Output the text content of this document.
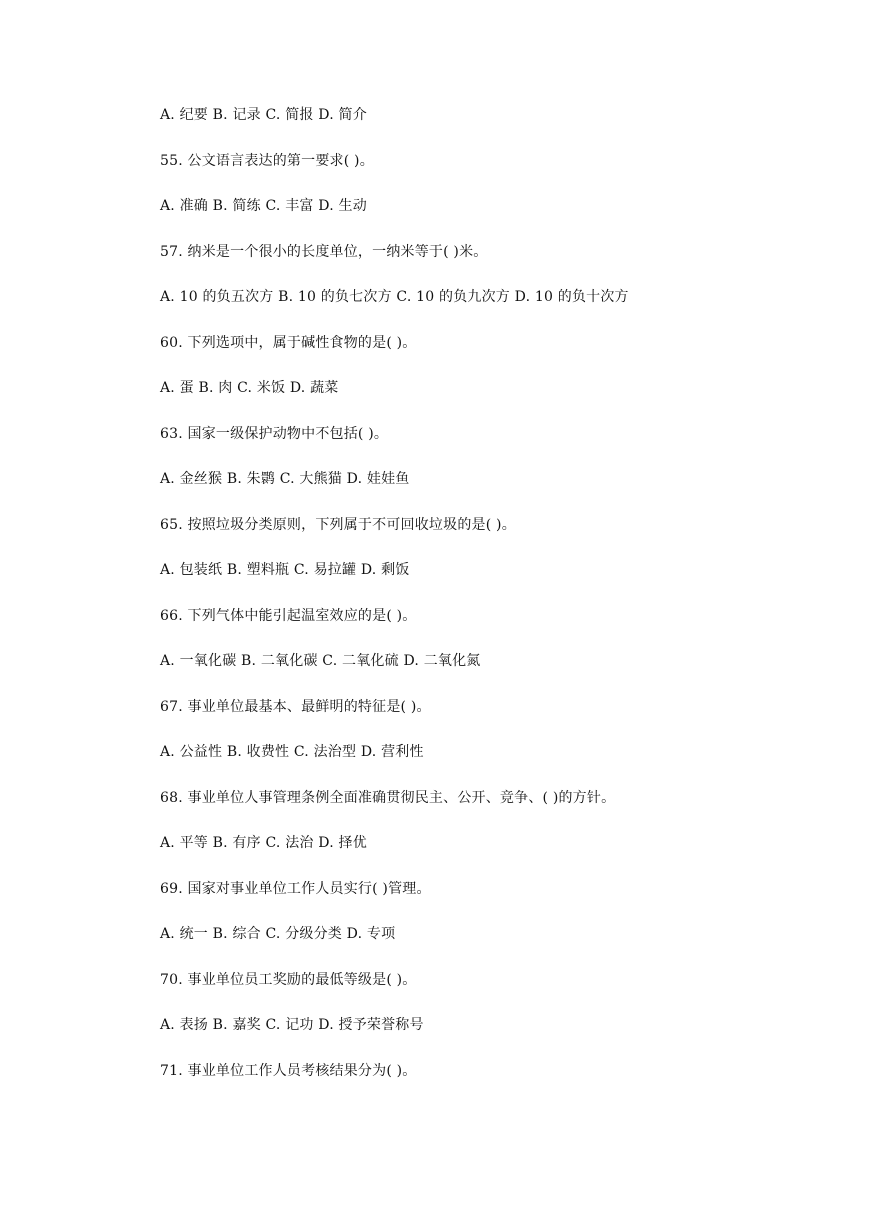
A. 纪要 B. 记录 C. 简报 D. 简介
55. 公文语言表达的第一要求( )。
A. 准确 B. 简练 C. 丰富 D. 生动
57. 纳米是一个很小的长度单位，一纳米等于( )米。
A. 10 的负五次方 B. 10 的负七次方 C. 10 的负九次方 D. 10 的负十次方
60. 下列选项中，属于碱性食物的是( )。
A. 蛋 B. 肉 C. 米饭 D. 蔬菜
63. 国家一级保护动物中不包括( )。
A. 金丝猴 B. 朱鹮 C. 大熊猫 D. 娃娃鱼
65. 按照垃圾分类原则，下列属于不可回收垃圾的是( )。
A. 包装纸 B. 塑料瓶 C. 易拉罐 D. 剩饭
66. 下列气体中能引起温室效应的是( )。
A. 一氧化碳 B. 二氧化碳 C. 二氧化硫 D. 二氧化氮
67. 事业单位最基本、最鲜明的特征是( )。
A. 公益性 B. 收费性 C. 法治型 D. 营利性
68. 事业单位人事管理条例全面准确贯彻民主、公开、竞争、( )的方针。
A. 平等 B. 有序 C. 法治 D. 择优
69. 国家对事业单位工作人员实行( )管理。
A. 统一 B. 综合 C. 分级分类 D. 专项
70. 事业单位员工奖励的最低等级是( )。
A. 表扬 B. 嘉奖 C. 记功 D. 授予荣誉称号
71. 事业单位工作人员考核结果分为( )。
